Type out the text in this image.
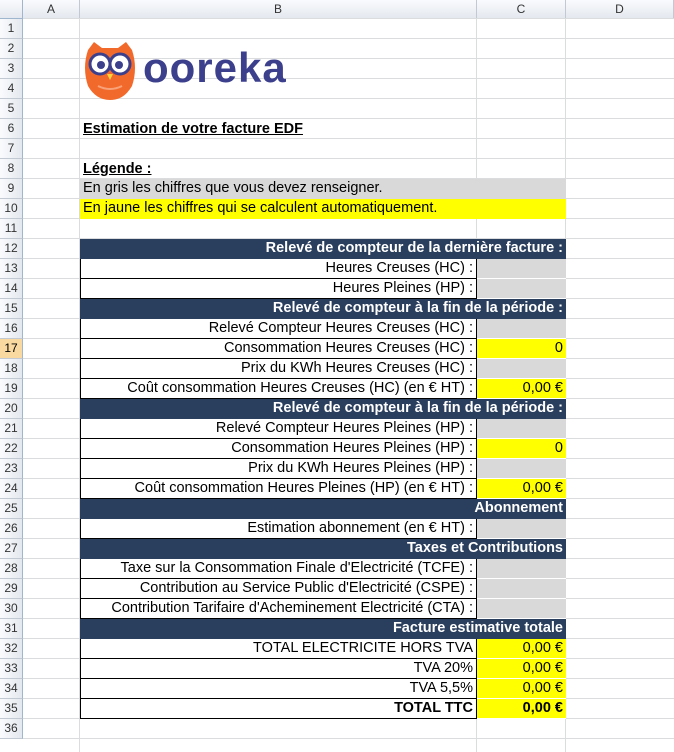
A	B	C	D
1
2
3
4
5
6
7
8
9
10
11
12
13
14
15
16
17
18
19
20
21
22
23
24
25
26
27
28
29
30
31
32
33
34
35
36
ooreka
Estimation de votre facture EDF
Légende :
En gris les chiffres que vous devez renseigner.
En jaune les chiffres qui se calculent automatiquement.
Relevé de compteur de la dernière facture :
Heures Creuses (HC) :
Heures Pleines (HP) :
Relevé de compteur à la fin de la période :
Relevé Compteur Heures Creuses (HC) :
Consommation Heures Creuses (HC) :	0
Prix du KWh Heures Creuses (HC) :
Coût consommation Heures Creuses (HC) (en € HT) :	0,00 €
Relevé de compteur à la fin de la période :
Relevé Compteur Heures Pleines (HP) :
Consommation Heures Pleines (HP) :	0
Prix du KWh Heures Pleines (HP) :
Coût consommation Heures Pleines (HP) (en € HT) :	0,00 €
Abonnement
Estimation abonnement (en € HT) :
Taxes et Contributions
Taxe sur la Consommation Finale d'Electricité (TCFE) :
Contribution au Service Public d'Electricité (CSPE) :
Contribution Tarifaire d'Acheminement Electricité (CTA) :
Facture estimative totale
TOTAL ELECTRICITE HORS TVA	0,00 €
TVA 20%	0,00 €
TVA 5,5%	0,00 €
TOTAL TTC	0,00 €
